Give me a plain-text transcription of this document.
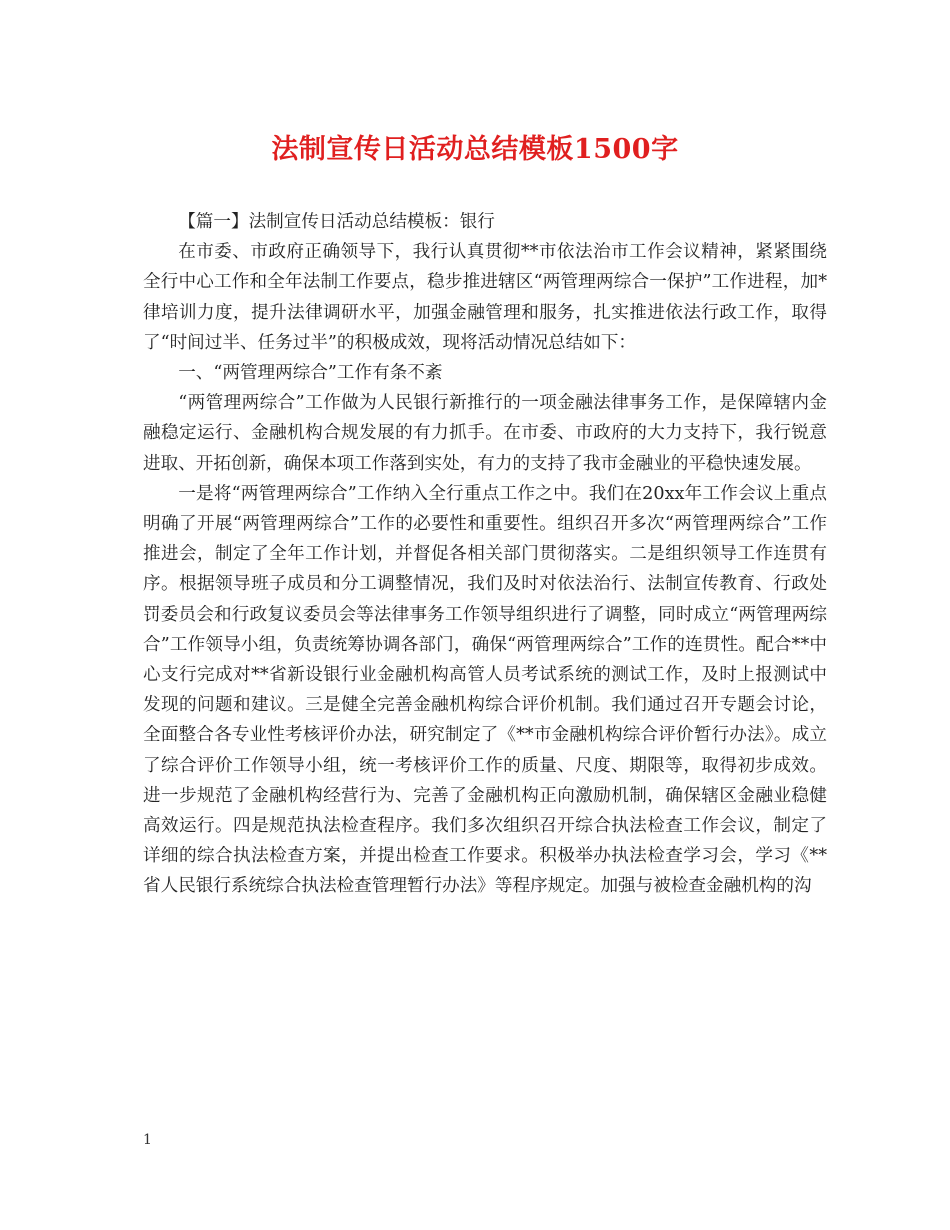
法制宣传日活动总结模板1500字

【篇一】法制宣传日活动总结模板：银行

在市委、市政府正确领导下，我行认真贯彻**市依法治市工作会议精神，紧紧围绕全行中心工作和全年法制工作要点，稳步推进辖区“两管理两综合一保护”工作进程，加*律培训力度，提升法律调研水平，加强金融管理和服务，扎实推进依法行政工作，取得了“时间过半、任务过半”的积极成效，现将活动情况总结如下：

一、“两管理两综合”工作有条不紊

“两管理两综合”工作做为人民银行新推行的一项金融法律事务工作，是保障辖内金融稳定运行、金融机构合规发展的有力抓手。在市委、市政府的大力支持下，我行锐意进取、开拓创新，确保本项工作落到实处，有力的支持了我市金融业的平稳快速发展。

一是将“两管理两综合”工作纳入全行重点工作之中。我们在20xx年工作会议上重点明确了开展“两管理两综合”工作的必要性和重要性。组织召开多次“两管理两综合”工作推进会，制定了全年工作计划，并督促各相关部门贯彻落实。二是组织领导工作连贯有序。根据领导班子成员和分工调整情况，我们及时对依法治行、法制宣传教育、行政处罚委员会和行政复议委员会等法律事务工作领导组织进行了调整，同时成立“两管理两综合”工作领导小组，负责统筹协调各部门，确保“两管理两综合”工作的连贯性。配合**中心支行完成对**省新设银行业金融机构高管人员考试系统的测试工作，及时上报测试中发现的问题和建议。三是健全完善金融机构综合评价机制。我们通过召开专题会讨论，全面整合各专业性考核评价办法，研究制定了《**市金融机构综合评价暂行办法》。成立了综合评价工作领导小组，统一考核评价工作的质量、尺度、期限等，取得初步成效。进一步规范了金融机构经营行为、完善了金融机构正向激励机制，确保辖区金融业稳健高效运行。四是规范执法检查程序。我们多次组织召开综合执法检查工作会议，制定了详细的综合执法检查方案，并提出检查工作要求。积极举办执法检查学习会，学习《**省人民银行系统综合执法检查管理暂行办法》等程序规定。加强与被检查金融机构的沟

1
